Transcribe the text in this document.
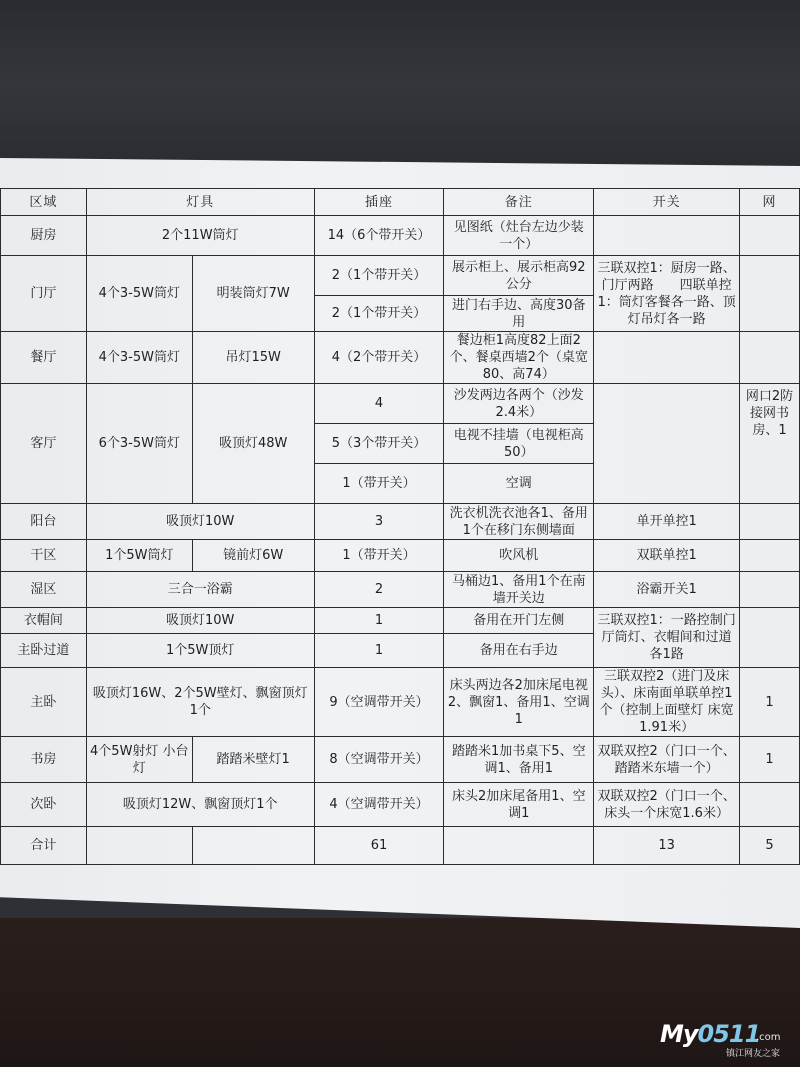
区域	灯具		插座	备注	开关	网
厨房	2个11W筒灯		14（6个带开关）	见图纸（灶台左边少装一个）		
门厅	4个3-5W筒灯	明装筒灯7W	2（1个带开关）	展示柜上、展示柜高92公分	三联双控1：厨房一路、门厅两路　　四联单控1：筒灯客餐各一路、顶灯吊灯各一路	
			2（1个带开关）	进门右手边、高度30备用		
餐厅	4个3-5W筒灯	吊灯15W	4（2个带开关）	餐边柜1高度82上面2个、餐桌西墙2个（桌宽80、高74）		
客厅	6个3-5W筒灯	吸顶灯48W	4	沙发两边各两个（沙发2.4米）		网口2防接网书房、1
			5（3个带开关）	电视不挂墙（电视柜高50）		
			1（带开关）	空调		
阳台	吸顶灯10W		3	洗衣机洗衣池各1、备用1个在移门东侧墙面	单开单控1	
干区	1个5W筒灯	镜前灯6W	1（带开关）	吹风机	双联单控1	
湿区	三合一浴霸		2	马桶边1、备用1个在南墙开关边	浴霸开关1	
衣帽间	吸顶灯10W		1	备用在开门左侧	三联双控1：一路控制门厅筒灯、衣帽间和过道各1路	
主卧过道	1个5W顶灯		1	备用在右手边		
主卧	吸顶灯16W、2个5W壁灯、飘窗顶灯1个		9（空调带开关）	床头两边各2加床尾电视2、飘窗1、备用1、空调1	三联双控2（进门及床头）、床南面单联单控1个（控制上面壁灯 床宽1.91米）	1
书房	4个5W射灯 小台灯	踏踏米壁灯1	8（空调带开关）	踏踏米1加书桌下5、空调1、备用1	双联双控2（门口一个、踏踏米东墙一个）	1
次卧	吸顶灯12W、飘窗顶灯1个		4（空调带开关）	床头2加床尾备用1、空调1	双联双控2（门口一个、床头一个床宽1.6米）	
合计			61		13	5
My0511
.com
镇江网友之家
